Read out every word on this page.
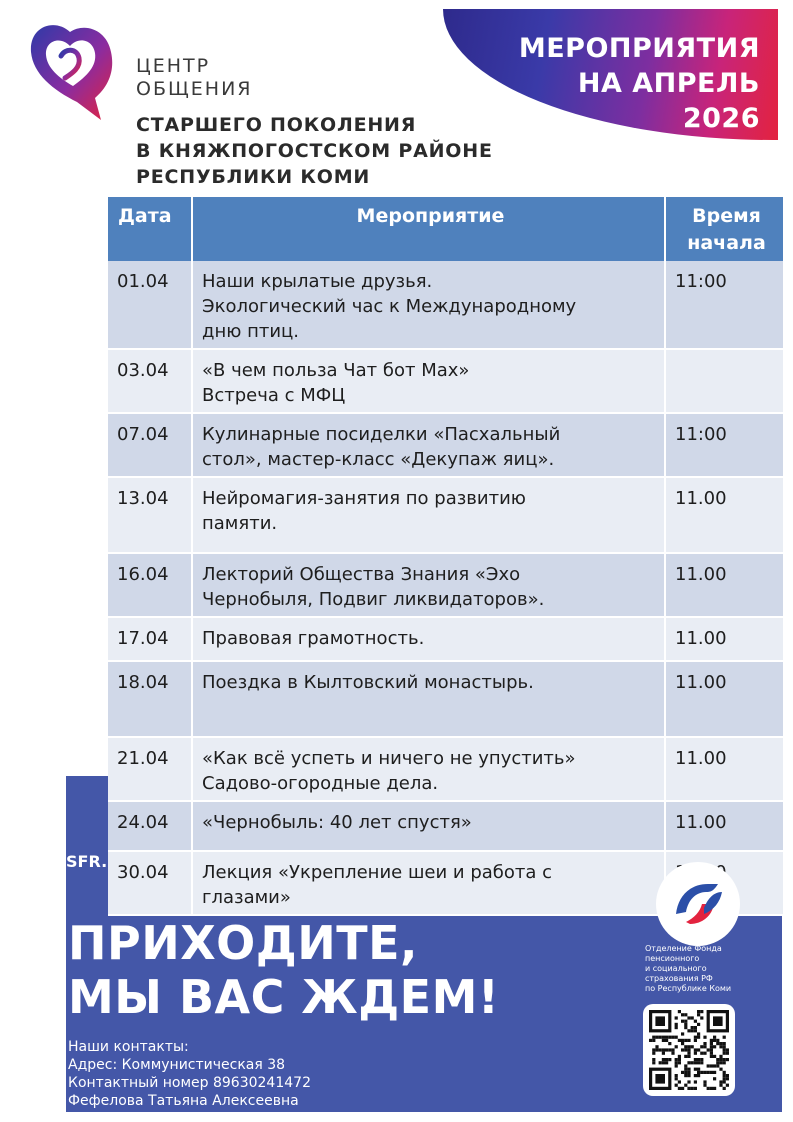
МЕРОПРИЯТИЯ
НА АПРЕЛЬ
2026
ЦЕНТР
ОБЩЕНИЯ
СТАРШЕГО ПОКОЛЕНИЯ
В КНЯЖПОГОСТСКОМ РАЙОНЕ
РЕСПУБЛИКИ КОМИ
SFR.
Дата	Мероприятие	Время
начала

01.04	Наши крылатые друзья.
Экологический час к Международному
дню птиц.	11:00
03.04	«В чем польза Чат бот Max»
Встреча с МФЦ	

07.04	Кулинарные посиделки «Пасхальный
стол», мастер-класс «Декупаж яиц».	11:00
13.04	Нейромагия-занятия по развитию
памяти.	11.00
16.04	Лекторий Общества Знания «Эхо
Чернобыля, Подвиг ликвидаторов».	11.00
17.04	Правовая грамотность.	11.00
18.04	Поездка в Кылтовский монастырь.	11.00
21.04	«Как всё успеть и ничего не упустить»
Садово-огородные дела.	11.00
24.04	«Чернобыль: 40 лет спустя»	11.00
30.04	Лекция «Укрепление шеи и работа с
глазами»

ПРИХОДИТЕ,
МЫ ВАС ЖДЕМ!
Наши контакты:
Адрес: Коммунистическая 38
Контактный номер 89630241472
Фефелова Татьяна Алексеевна
Отделение Фонда
пенсионного
и социального
страхования РФ
по Республике Коми
